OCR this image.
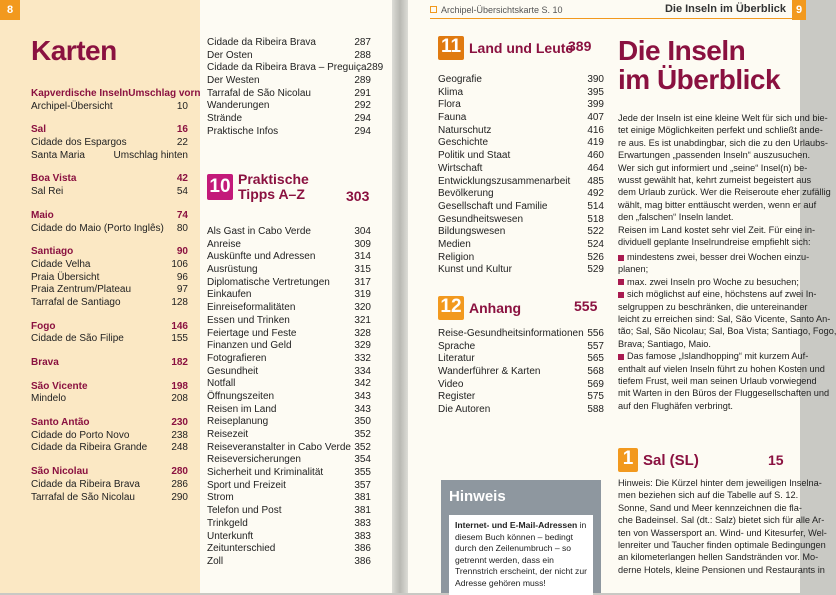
8
Karten
Kapverdische Inseln Umschlag vorn
Archipel-Übersicht	10
Sal	16
Cidade dos Espargos	22
Santa Maria	Umschlag hinten
Boa Vista	42
Sal Rei	54
Maio	74
Cidade do Maio (Porto Inglês) 80
Santiago	90
Cidade Velha	106
Praia Übersicht	96
Praia Zentrum/Plateau	97
Tarrafal de Santiago	128
Fogo	146
Cidade de São Filipe	155
Brava	182
São Vicente	198
Mindelo	208
Santo Antão	230
Cidade do Porto Novo	238
Cidade da Ribeira Grande 248
São Nicolau	280
Cidade da Ribeira Brava	286
Tarrafal de São Nicolau	290
Cidade da Ribeira Brava	287
Der Osten	288
Cidade da Ribeira Brava – Preguiça 289
Der Westen	289
Tarrafal de São Nicolau	291
Wanderungen	292
Strände	294
Praktische Infos	294
10 Praktische
Tipps A–Z	303
Als Gast in Cabo Verde	304
Anreise	309
Auskünfte und Adressen	314
Ausrüstung	315
Diplomatische Vertretungen 317
Einkaufen	319
Einreiseformalitäten	320
Essen und Trinken	321
Feiertage und Feste	328
Finanzen und Geld	329
Fotografieren	332
Gesundheit	334
Notfall	342
Öffnungszeiten	343
Reisen im Land	343
Reiseplanung	350
Reisezeit	352
Reiseveranstalter in Cabo Verde 352
Reiseversicherungen	354
Sicherheit und Kriminalität	355
Sport und Freizeit	357
Strom	381
Telefon und Post	381
Trinkgeld	383
Unterkunft	383
Zeitunterschied	386
Zoll	386
Archipel-Übersichtskarte S. 10	Die Inseln im Überblick 9
11 Land und Leute
389
Geografie	390
Klima	395
Flora	399
Fauna	407
Naturschutz	416
Geschichte	419
Politik und Staat	460
Wirtschaft	464
Entwicklungszusammenarbeit 485
Bevölkerung	492
Gesellschaft und Familie	514
Gesundheitswesen	518
Bildungswesen	522
Medien	524
Religion	526
Kunst und Kultur	529
12 Anhang	555
Reise-Gesundheitsinformationen 556
Sprache	557
Literatur	565
Wanderführer & Karten	568
Video	569
Register	575
Die Autoren	588
Hinweis
Internet- und E-Mail-Adressen in diesem Buch können – bedingt durch den Zeilenumbruch – so getrennt werden, dass ein Trennstrich erscheint, der nicht zur Adresse gehören muss!
Die Inseln
im Überblick
Jede der Inseln ist eine kleine Welt für sich und bie-
tet einige Möglichkeiten perfekt und schließt ande-
re aus. Es ist unabdingbar, sich die zu den Urlaubs-
Erwartungen „passenden Inseln“ auszusuchen.
Wer sich gut informiert und „seine“ Insel(n) be-
wusst gewählt hat, kehrt zumeist begeistert aus
dem Urlaub zurück. Wer die Reiseroute eher zufällig
wählt, mag bitter enttäuscht werden, wenn er auf
den „falschen“ Inseln landet.
Reisen im Land kostet sehr viel Zeit. Für eine in-
dividuell geplante Inselrundreise empfiehlt sich:
mindestens zwei, besser drei Wochen einzu-
planen;
max. zwei Inseln pro Woche zu besuchen;
sich möglichst auf eine, höchstens auf zwei In-
selgruppen zu beschränken, die untereinander
leicht zu erreichen sind: Sal, São Vicente, Santo An-
tão; Sal, São Nicolau; Sal, Boa Vista; Santiago, Fogo,
Brava; Santiago, Maio.
Das famose „Islandhopping“ mit kurzem Auf-
enthalt auf vielen Inseln führt zu hohen Kosten und
tiefem Frust, weil man seinen Urlaub vorwiegend
mit Warten in den Büros der Fluggesellschaften und
auf den Flughäfen verbringt.
1 Sal (SL)	15
Hinweis: Die Kürzel hinter dem jeweiligen Inselna-
men beziehen sich auf die Tabelle auf S. 12.
Sonne, Sand und Meer kennzeichnen die fla-
che Badeinsel. Sal (dt.: Salz) bietet sich für alle Ar-
ten von Wassersport an. Wind- und Kitesurfer, Wel-
lenreiter und Taucher finden optimale Bedingungen
an kilometerlangen hellen Sandstränden vor. Mo-
derne Hotels, kleine Pensionen und Restaurants in
